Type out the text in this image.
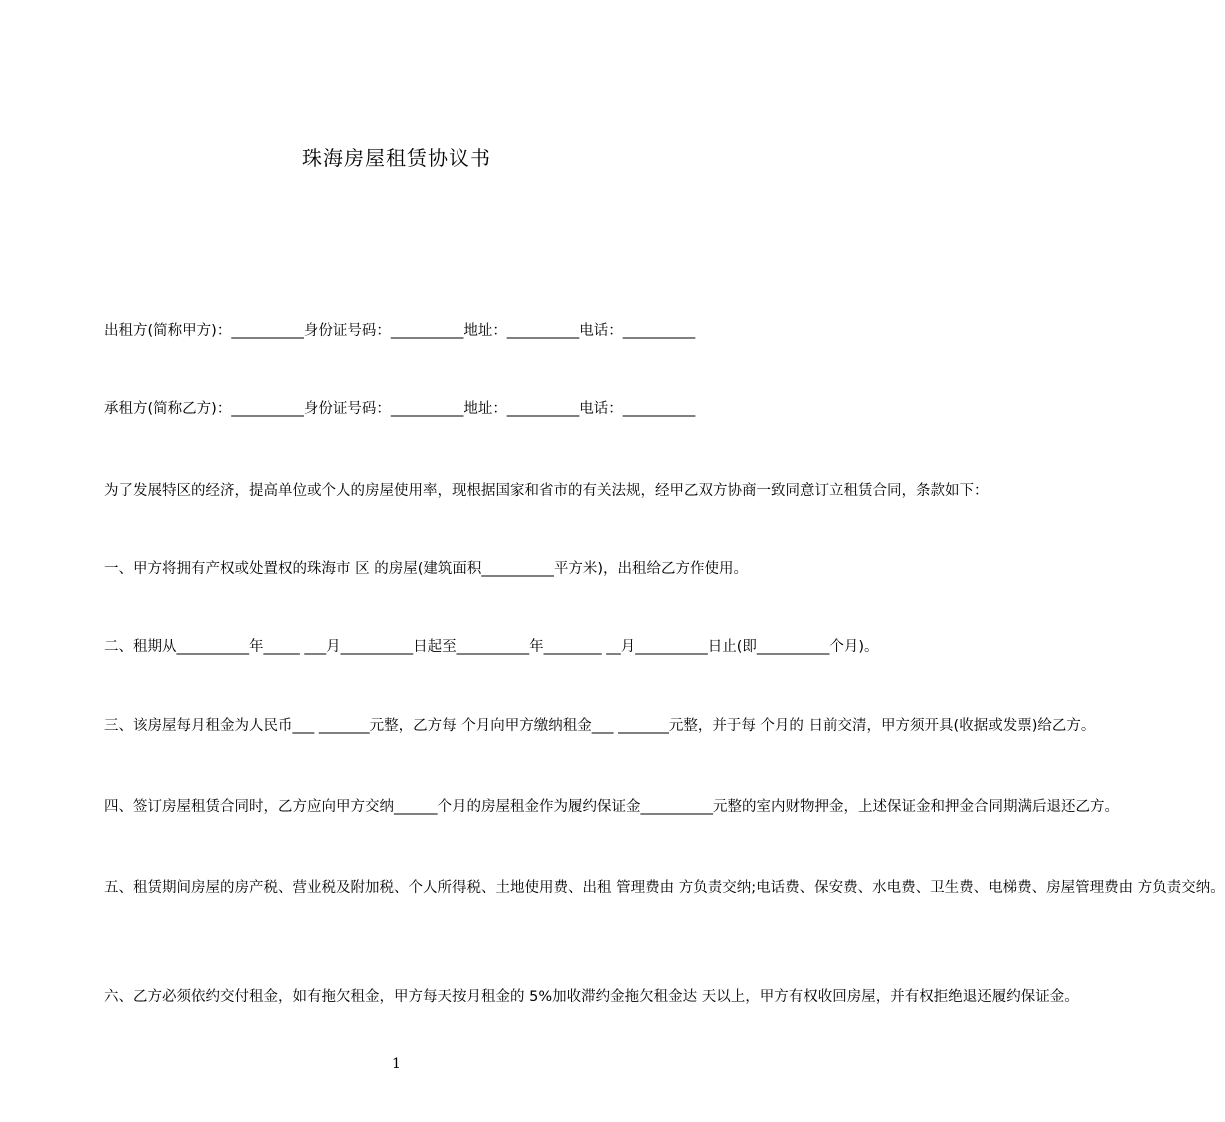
珠海房屋租赁协议书
出租方(简称甲方)：__________身份证号码：__________地址：__________电话：__________
承租方(简称乙方)：__________身份证号码：__________地址：__________电话：__________
为了发展特区的经济，提高单位或个人的房屋使用率，现根据国家和省市的有关法规，经甲乙双方协商一致同意订立租赁合同，条款如下：
一、甲方将拥有产权或处置权的珠海市 区 的房屋(建筑面积__________平方米)，出租给乙方作使用。
二、租期从__________年_____ ___月__________日起至__________年________ __月__________日止(即__________个月)。
三、该房屋每月租金为人民币___ _______元整，乙方每 个月向甲方缴纳租金___ _______元整，并于每 个月的 日前交清，甲方须开具(收据或发票)给乙方。
四、签订房屋租赁合同时，乙方应向甲方交纳______个月的房屋租金作为履约保证金__________元整的室内财物押金，上述保证金和押金合同期满后退还乙方。
五、租赁期间房屋的房产税、营业税及附加税、个人所得税、土地使用费、出租 管理费由 方负责交纳;电话费、保安费、水电费、卫生费、电梯费、房屋管理费由 方负责交纳。
六、乙方必须依约交付租金，如有拖欠租金，甲方每天按月租金的 5%加收滞约金拖欠租金达 天以上，甲方有权收回房屋，并有权拒绝退还履约保证金。
1
